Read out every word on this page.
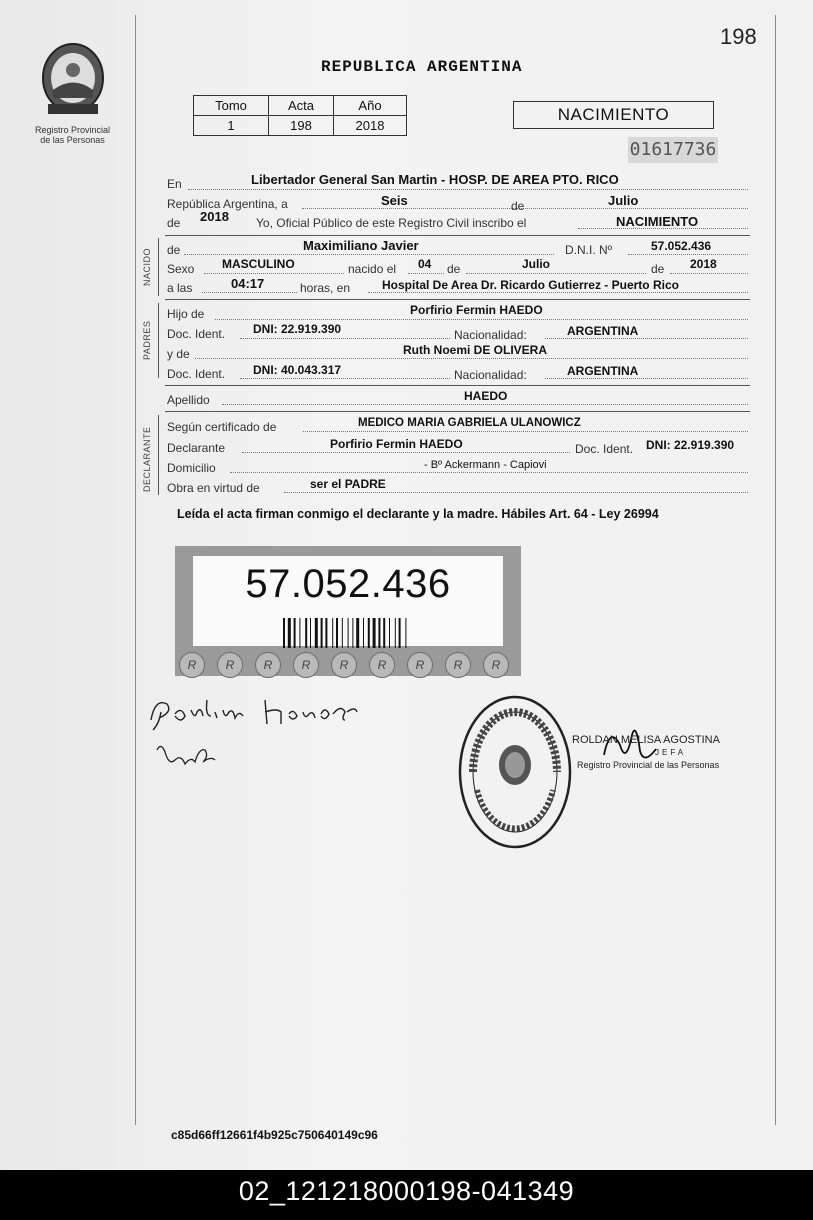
Registro Provincial
de las Personas
198
REPUBLICA ARGENTINA
Tomo	Acta	Año
1	198	2018
NACIMIENTO
01617736
En	Libertador General San Martin - HOSP. DE AREA PTO. RICO
República Argentina, a	Seis	de	Julio
de 2018 Yo, Oficial Público de este Registro Civil inscribo el	NACIMIENTO
NACIDO de	Maximiliano Javier	D.N.I. Nº	57.052.436
Sexo MASCULINO	nacido el 04 de	Julio	de 2018
a las	04:17	horas, en	Hospital De Area Dr. Ricardo Gutierrez - Puerto Rico
PADRES
Hijo de	Porfirio Fermin HAEDO
Doc. Ident. DNI: 22.919.390	Nacionalidad:	ARGENTINA
y de	Ruth Noemi DE OLIVERA
Doc. Ident. DNI: 40.043.317	Nacionalidad:	ARGENTINA
Apellido	HAEDO
DECLARANTE Según certificado de	MEDICO MARIA GABRIELA ULANOWICZ
Declarante	Porfirio Fermin HAEDO	Doc. Ident. DNI: 22.919.390
Domicilio	- Bº Ackermann - Capiovi
Obra en virtud de	ser el PADRE
Leída el acta firman conmigo el declarante y la madre. Hábiles Art. 64 - Ley 26994
57.052.436
R	R	R	R	R	R	R	R	R
ROLDAN MELISA AGOSTINA
JEFA
Registro Provincial de las Personas
c85d66ff12661f4b925c750640149c96
02_121218000198-041349
